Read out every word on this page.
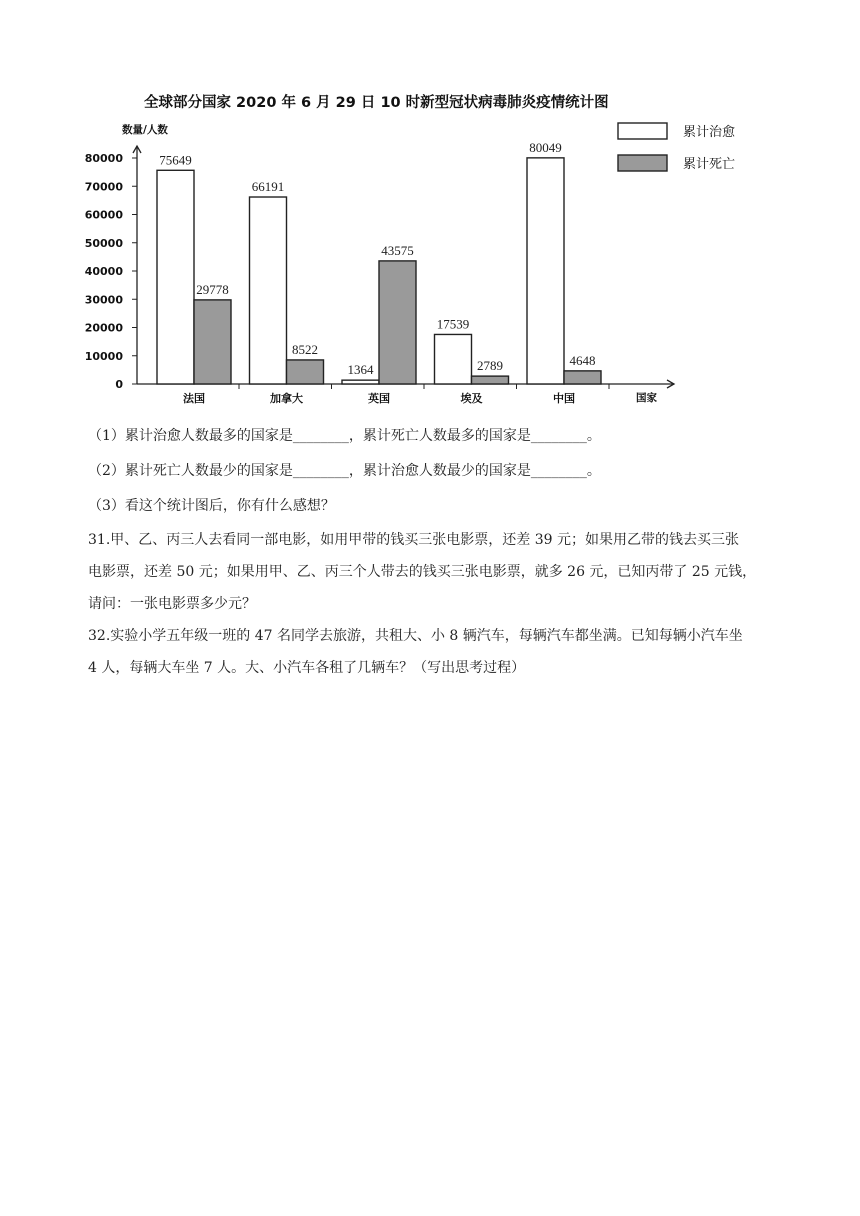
全球部分国家 2020 年 6 月 29 日 10 时新型冠状病毒肺炎疫情统计图
数量/人数
国家
0
10000
20000
30000
40000
50000
60000
70000
80000	75649
29778
66191
8522
1364
43575
17539
2789
80049
4648
法国	加拿大	英国	埃及	中国
累计治愈
累计死亡
（1）累计治愈人数最多的国家是________，累计死亡人数最多的国家是________。
（2）累计死亡人数最少的国家是________，累计治愈人数最少的国家是________。
（3）看这个统计图后，你有什么感想？
31.甲、乙、丙三人去看同一部电影，如用甲带的钱买三张电影票，还差 39 元；如果用乙带的钱去买三张
电影票，还差 50 元；如果用甲、乙、丙三个人带去的钱买三张电影票，就多 26 元，已知丙带了 25 元钱，
请问：一张电影票多少元？
32.实验小学五年级一班的 47 名同学去旅游，共租大、小 8 辆汽车，每辆汽车都坐满。已知每辆小汽车坐
4 人，每辆大车坐 7 人。大、小汽车各租了几辆车？（写出思考过程）
